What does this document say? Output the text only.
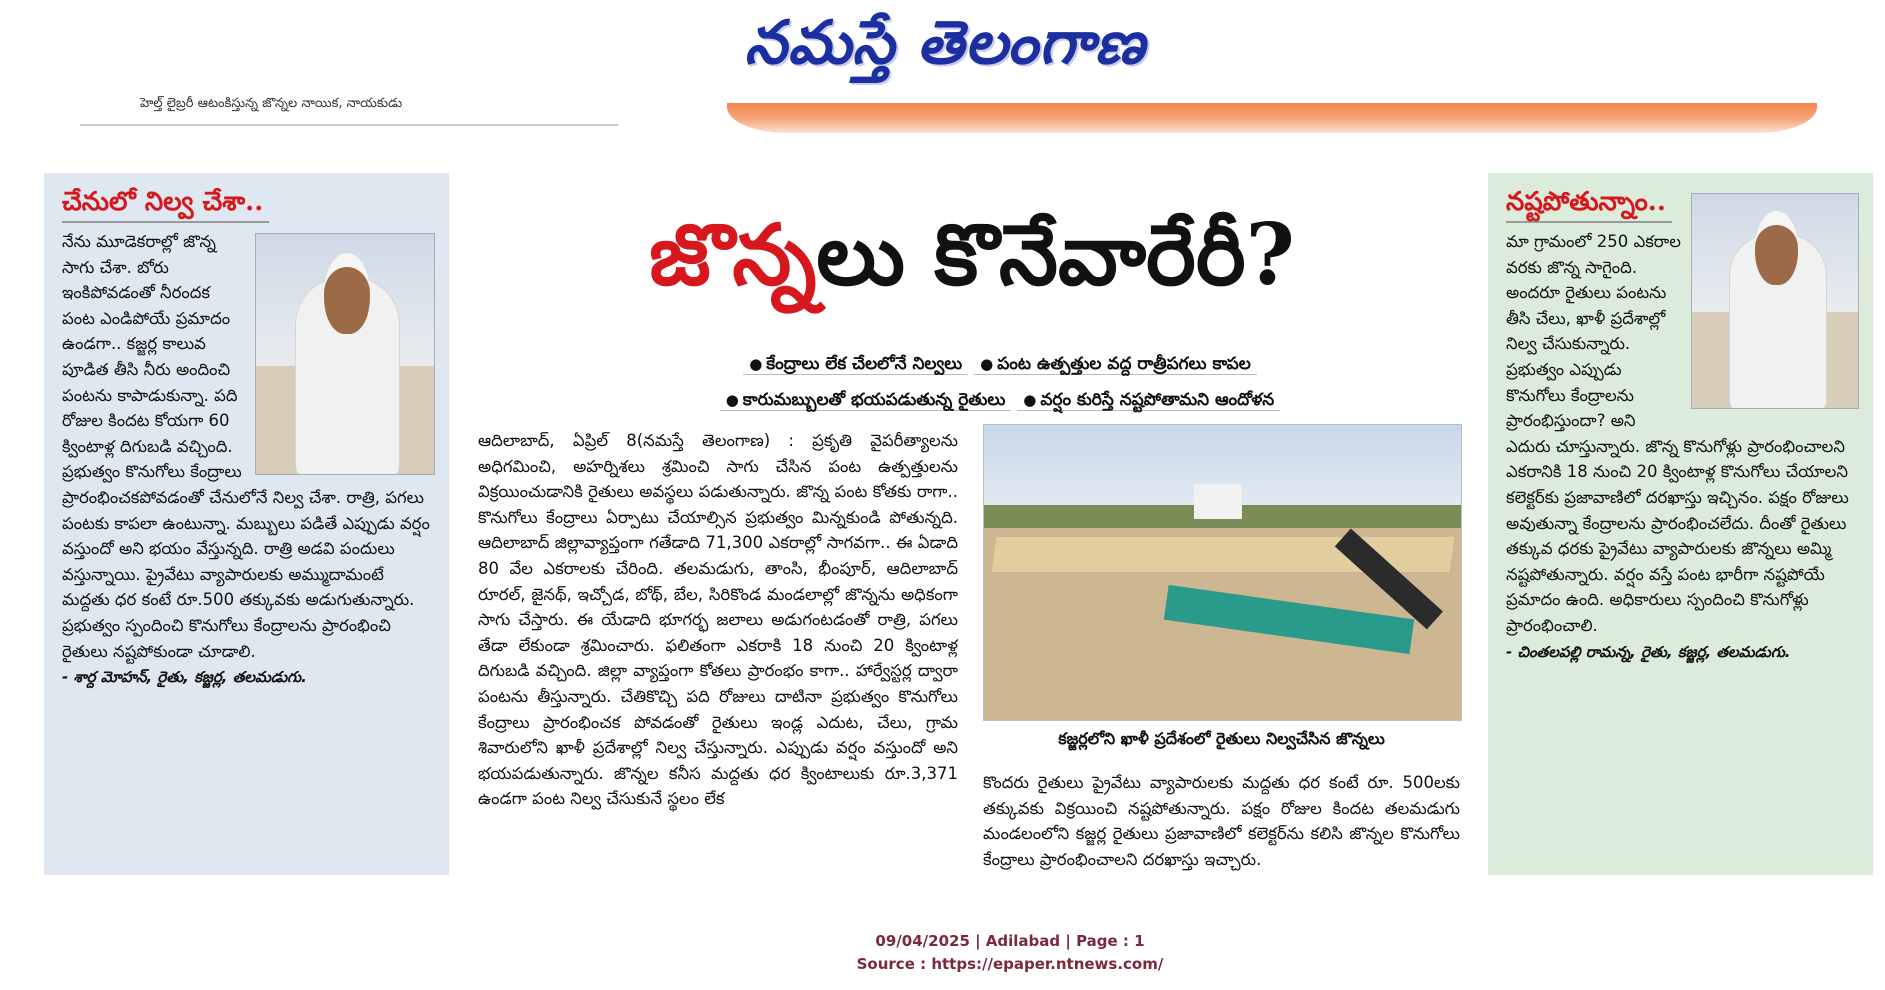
నమస్తే తెలంగాణ
హెల్త్ లైబ్రరీ ఆటంకిస్తున్న జొన్నల నాయిక, నాయకుడు
చేనులో నిల్వ చేశా..
నేను మూడెకరాల్లో జొన్న సాగు చేశా. బోరు ఇంకిపోవడంతో నీరందక పంట ఎండిపోయే ప్రమాదం ఉండగా.. కజ్జర్ల కాలువ పూడిత తీసి నీరు అందించి పంటను కాపాడుకున్నా. పది రోజుల కిందట కోయగా 60 క్వింటాళ్ల దిగుబడి వచ్చింది. ప్రభుత్వం కొనుగోలు కేంద్రాలు ప్రారంభించకపోవడంతో చేనులోనే నిల్వ చేశా. రాత్రి, పగలు పంటకు కాపలా ఉంటున్నా. మబ్బులు పడితే ఎప్పుడు వర్షం వస్తుందో అని భయం వేస్తున్నది. రాత్రి అడవి పందులు వస్తున్నాయి. ప్రైవేటు వ్యాపారులకు అమ్ముదామంటే మద్దతు ధర కంటే రూ.500 తక్కువకు అడుగుతున్నారు. ప్రభుత్వం స్పందించి కొనుగోలు కేంద్రాలను ప్రారంభించి రైతులు నష్టపోకుండా చూడాలి.
- శార్ద మోహన్, రైతు, కజ్జర్ల, తలమడుగు.
నష్టపోతున్నాం..
మా గ్రామంలో 250 ఎకరాల వరకు జొన్న సాగైంది. అందరూ రైతులు పంటను తీసి చేలు, ఖాళీ ప్రదేశాల్లో నిల్వ చేసుకున్నారు. ప్రభుత్వం ఎప్పుడు కొనుగోలు కేంద్రాలను ప్రారంభిస్తుందా? అని ఎదురు చూస్తున్నారు. జొన్న కొనుగోళ్లు ప్రారంభించాలని ఎకరానికి 18 నుంచి 20 క్వింటాళ్ల కొనుగోలు చేయాలని కలెక్టర్‌కు ప్రజావాణిలో దరఖాస్తు ఇచ్చినం. పక్షం రోజులు అవుతున్నా కేంద్రాలను ప్రారంభించలేదు. దీంతో రైతులు తక్కువ ధరకు ప్రైవేటు వ్యాపారులకు జొన్నలు అమ్మి నష్టపోతున్నారు. వర్షం వస్తే పంట భారీగా నష్టపోయే ప్రమాదం ఉంది. అధికారులు స్పందించి కొనుగోళ్లు ప్రారంభించాలి.
- చింతలపల్లి రామన్న, రైతు, కజ్జర్ల, తలమడుగు.
జొన్నలు కొనేవారేరీ?
● కేంద్రాలు లేక చేలలోనే నిల్వలు ● పంట ఉత్పత్తుల వద్ద రాత్రీపగలు కాపల
● కారుమబ్బులతో భయపడుతున్న రైతులు ● వర్షం కురిస్తే నష్టపోతామని ఆందోళన
ఆదిలాబాద్, ఏప్రిల్ 8(నమస్తే తెలంగాణ) : ప్రకృతి వైపరీత్యాలను అధిగమించి, అహర్నిశలు శ్రమించి సాగు చేసిన పంట ఉత్పత్తులను విక్రయించుడానికి రైతులు అవస్థలు పడుతున్నారు. జొన్న పంట కోతకు రాగా.. కొనుగోలు కేంద్రాలు ఏర్పాటు చేయాల్సిన ప్రభుత్వం మిన్నకుండి పోతున్నది. ఆదిలాబాద్ జిల్లావ్యాప్తంగా గతేడాది 71,300 ఎకరాల్లో సాగవగా.. ఈ ఏడాది 80 వేల ఎకరాలకు చేరింది. తలమడుగు, తాంసి, భీంపూర్, ఆదిలాబాద్ రూరల్, జైనథ్, ఇచ్చోడ, బోథ్, బేల, సిరికొండ మండలాల్లో జొన్నను అధికంగా సాగు చేస్తారు. ఈ యేడాది భూగర్భ జలాలు అడుగంటడంతో రాత్రి, పగలు తేడా లేకుండా శ్రమించారు. ఫలితంగా ఎకరాకి 18 నుంచి 20 క్వింటాళ్ల దిగుబడి వచ్చింది. జిల్లా వ్యాప్తంగా కోతలు ప్రారంభం కాగా.. హార్వేస్టర్ల ద్వారా పంటను తీస్తున్నారు. చేతికొచ్చి పది రోజులు దాటినా ప్రభుత్వం కొనుగోలు కేంద్రాలు ప్రారంభించక పోవడంతో రైతులు ఇండ్ల ఎదుట, చేలు, గ్రామ శివారులోని ఖాళీ ప్రదేశాల్లో నిల్వ చేస్తున్నారు. ఎప్పుడు వర్షం వస్తుందో అని భయపడుతున్నారు. జొన్నల కనీస మద్దతు ధర క్వింటాలుకు రూ.3,371 ఉండగా పంట నిల్వ చేసుకునే స్థలం లేక
కజ్జర్లలోని ఖాళీ ప్రదేశంలో రైతులు నిల్వచేసిన జొన్నలు
కొందరు రైతులు ప్రైవేటు వ్యాపారులకు మద్దతు ధర కంటే రూ. 500లకు తక్కువకు విక్రయించి నష్టపోతున్నారు. పక్షం రోజుల కిందట తలమడుగు మండలంలోని కజ్జర్ల రైతులు ప్రజావాణిలో కలెక్టర్‌ను కలిసి జొన్నల కొనుగోలు కేంద్రాలు ప్రారంభించాలని దరఖాస్తు ఇచ్చారు.
09/04/2025 | Adilabad | Page : 1
Source : https://epaper.ntnews.com/
